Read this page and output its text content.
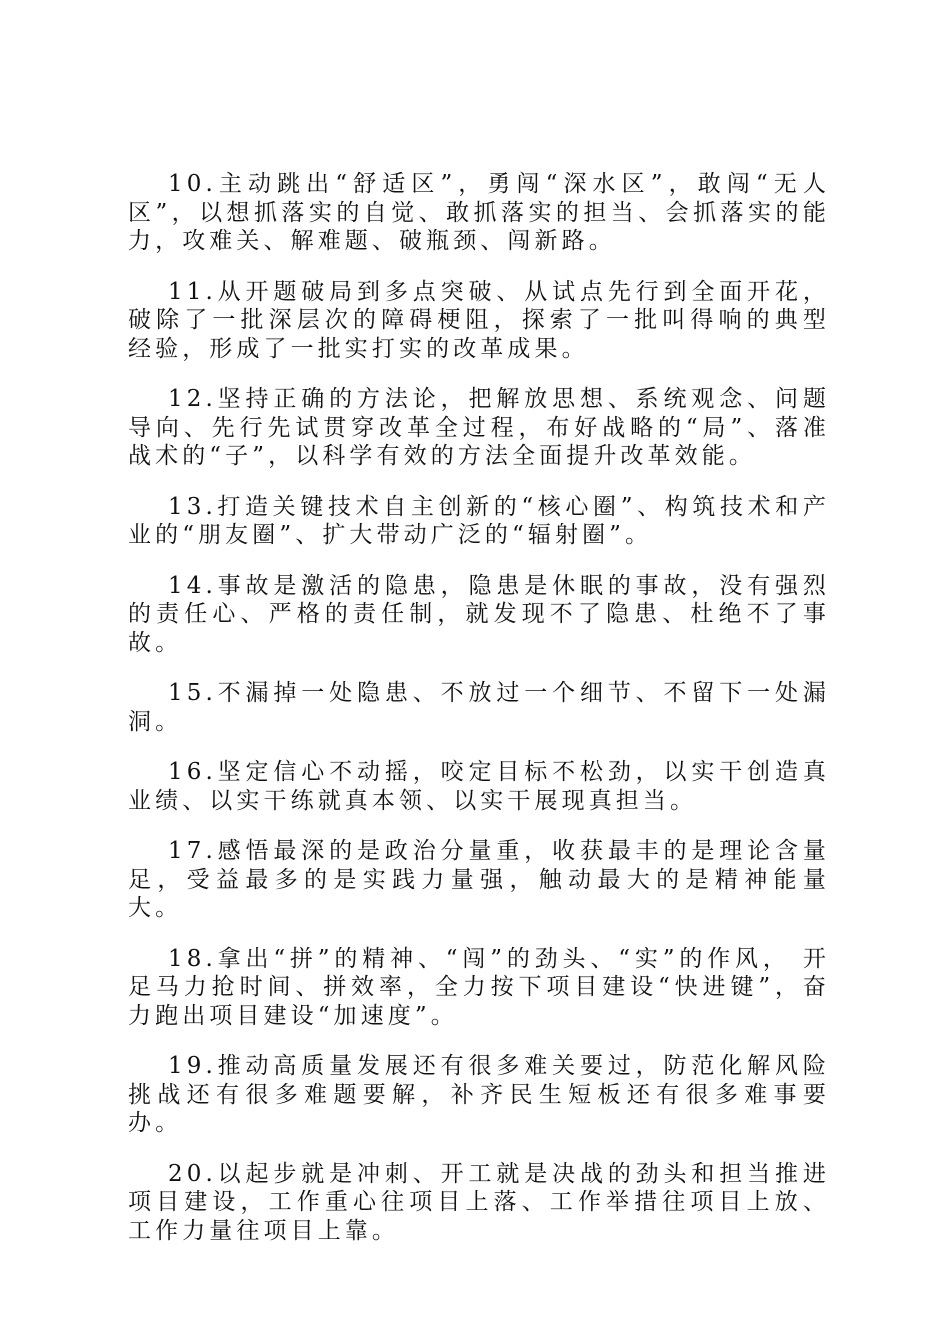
10.主动跳出“舒适区”，勇闯“深水区”，敢闯“无人区”，以想抓落实的自觉、敢抓落实的担当、会抓落实的能力，攻难关、解难题、破瓶颈、闯新路。

11.从开题破局到多点突破、从试点先行到全面开花，破除了一批深层次的障碍梗阻，探索了一批叫得响的典型经验，形成了一批实打实的改革成果。

12.坚持正确的方法论，把解放思想、系统观念、问题导向、先行先试贯穿改革全过程，布好战略的“局”、落准战术的“子”，以科学有效的方法全面提升改革效能。

13.打造关键技术自主创新的“核心圈”、构筑技术和产业的“朋友圈”、扩大带动广泛的“辐射圈”。

14.事故是激活的隐患，隐患是休眠的事故，没有强烈的责任心、严格的责任制，就发现不了隐患、杜绝不了事故。

15.不漏掉一处隐患、不放过一个细节、不留下一处漏洞。

16.坚定信心不动摇，咬定目标不松劲，以实干创造真业绩、以实干练就真本领、以实干展现真担当。

17.感悟最深的是政治分量重，收获最丰的是理论含量足，受益最多的是实践力量强，触动最大的是精神能量大。

18.拿出“拼”的精神、“闯”的劲头、“实”的作风， 开足马力抢时间、拼效率，全力按下项目建设“快进键”，奋力跑出项目建设“加速度”。

19.推动高质量发展还有很多难关要过，防范化解风险挑战还有很多难题要解，补齐民生短板还有很多难事要办。

20.以起步就是冲刺、开工就是决战的劲头和担当推进项目建设，工作重心往项目上落、工作举措往项目上放、工作力量往项目上靠。
